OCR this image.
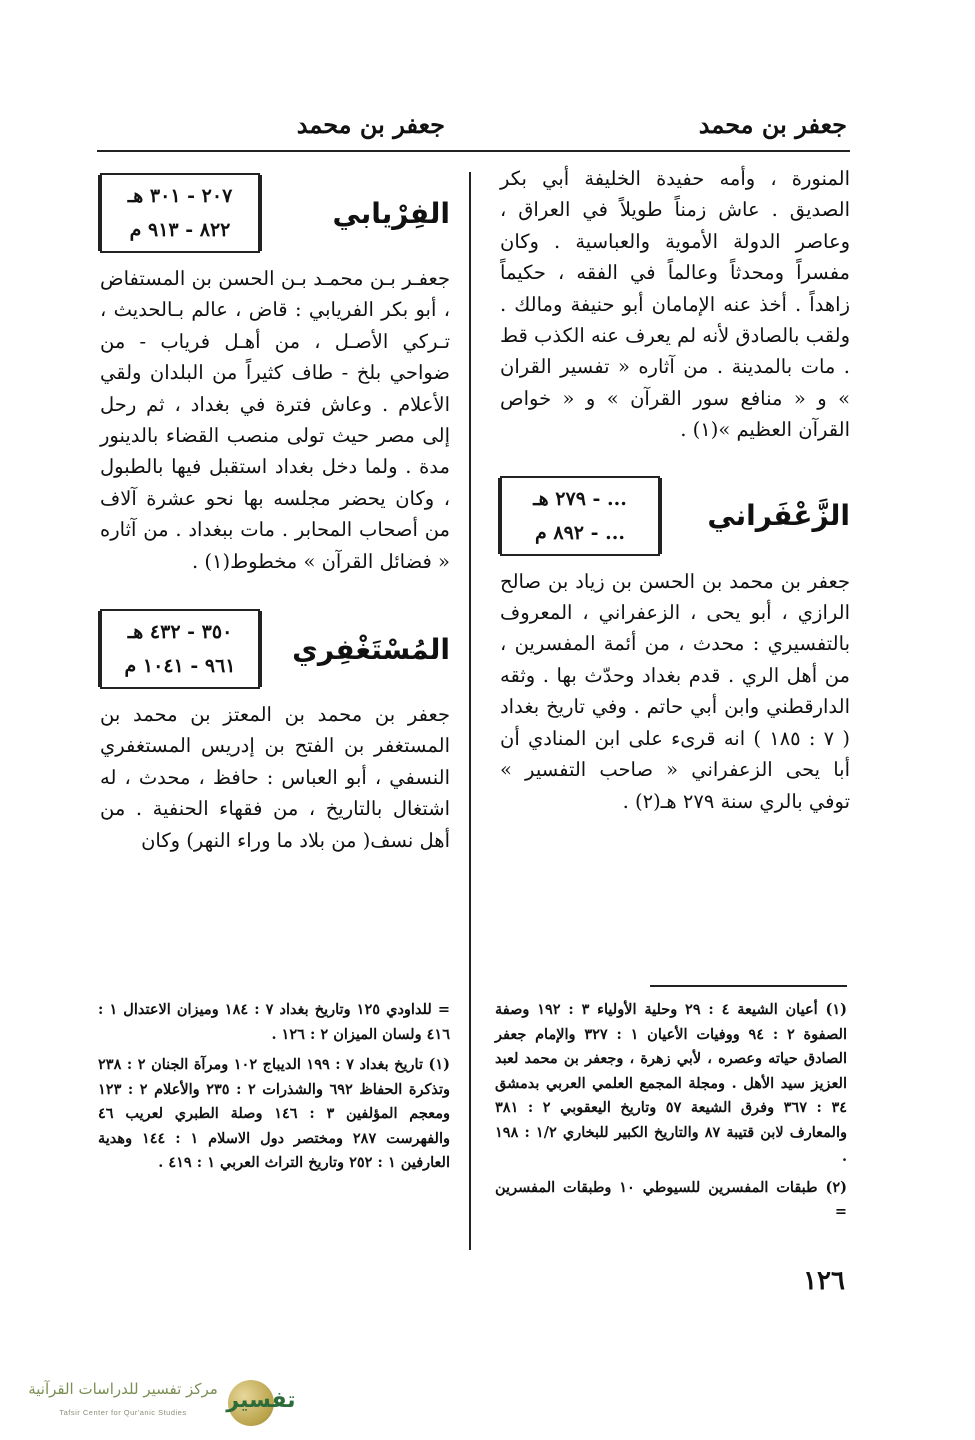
جعفر بن محمد
جعفر بن محمد

المنورة ، وأمه حفيدة الخليفة أبي بكر الصديق . عاش زمناً طويلاً في العراق ، وعاصر الدولة الأموية والعباسية . وكان مفسراً ومحدثاً وعالماً في الفقه ، حكيماً زاهداً . أخذ عنه الإمامان أبو حنيفة ومالك . ولقب بالصادق لأنه لم يعرف عنه الكذب قط . مات بالمدينة . من آثاره « تفسير القران » و « منافع سور القرآن » و « خواص القرآن العظيم »(١) .

الزَّعْفَراني
... - ٢٧٩ هـ
... - ٨٩٢ م

جعفر بن محمد بن الحسن بن زياد بن صالح الرازي ، أبو يحى ، الزعفراني ، المعروف بالتفسيري : محدث ، من أئمة المفسرين ، من أهل الري . قدم بغداد وحدّث بها . وثقه الدارقطني وابن أبي حاتم . وفي تاريخ بغداد ( ٧ : ١٨٥ ) انه قرىء على ابن المنادي أن أبا يحى الزعفراني « صاحب التفسير » توفي بالري سنة ٢٧٩ هـ(٢) .

الفِرْيابي
٢٠٧ - ٣٠١ هـ
٨٢٢ - ٩١٣ م

جعفـر بـن محمـد بـن الحسن بن المستفاض ، أبو بكر الفريابي : قاض ، عالم بـالحديث ، تـركي الأصـل ، من أهـل فرياب - من ضواحي بلخ - طاف كثيراً من البلدان ولقي الأعلام . وعاش فترة في بغداد ، ثم رحل إلى مصر حيث تولى منصب القضاء بالدينور مدة . ولما دخل بغداد استقبل فيها بالطبول ، وكان يحضر مجلسه بها نحو عشرة آلاف من أصحاب المحابر . مات ببغداد . من آثاره « فضائل القرآن » مخطوط(١) .

المُسْتَغْفِري
٣٥٠ - ٤٣٢ هـ
٩٦١ - ١٠٤١ م

جعفر بن محمد بن المعتز بن محمد بن المستغفر بن الفتح بن إدريس المستغفري النسفي ، أبو العباس : حافظ ، محدث ، له اشتغال بالتاريخ ، من فقهاء الحنفية . من أهل نسف( من بلاد ما وراء النهر) وكان

(١) أعيان الشيعة ٤ : ٢٩ وحلية الأولياء ٣ : ١٩٢ وصفة الصفوة ٢ : ٩٤ ووفيات الأعيان ١ : ٣٢٧ والإمام جعفر الصادق حياته وعصره ، لأبي زهرة ، وجعفر بن محمد لعبد العزيز سيد الأهل . ومجلة المجمع العلمي العربي بدمشق ٣٤ : ٣٦٧ وفرق الشيعة ٥٧ وتاريخ اليعقوبي ٢ : ٣٨١ والمعارف لابن قتيبة ٨٧ والتاريخ الكبير للبخاري ١/٢ : ١٩٨ .

(٢) طبقات المفسرين للسيوطي ١٠ وطبقات المفسرين =

= للداودي ١٢٥ وتاريخ بغداد ٧ : ١٨٤ وميزان الاعتدال ١ : ٤١٦ ولسان الميزان ٢ : ١٢٦ .

(١) تاريخ بغداد ٧ : ١٩٩ الديباج ١٠٢ ومرآة الجنان ٢ : ٢٣٨ وتذكرة الحفاظ ٦٩٢ والشذرات ٢ : ٢٣٥ والأعلام ٢ : ١٢٣ ومعجم المؤلفين ٣ : ١٤٦ وصلة الطبري لعريب ٤٦ والفهرست ٢٨٧ ومختصر دول الاسلام ١ : ١٤٤ وهدية العارفين ١ : ٢٥٢ وتاريخ التراث العربي ١ : ٤١٩ .

١٢٦
تفسير
مركز تفسير للدراسات القرآنية
Tafsir Center for Qur'anic Studies
